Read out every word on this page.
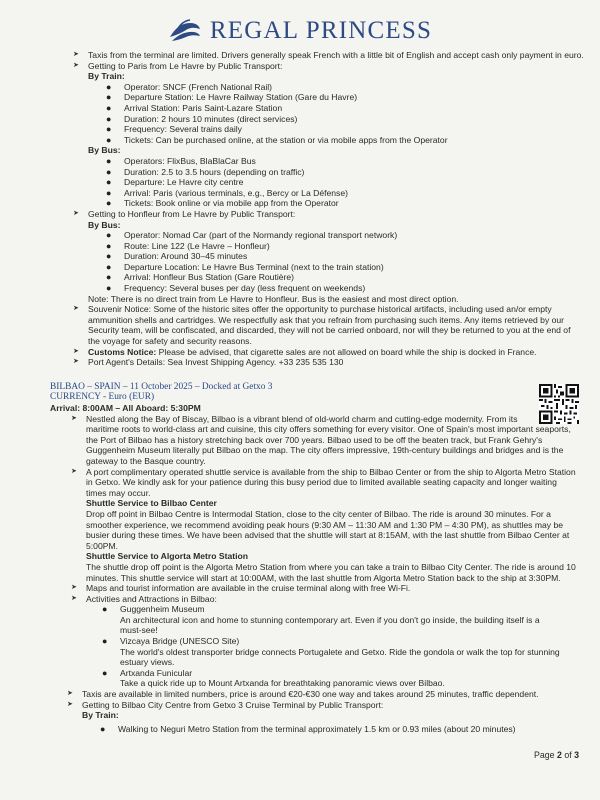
REGAL PRINCESS
➤ Taxis from the terminal are limited. Drivers generally speak French with a little bit of English and accept cash only payment in euro.
➤ Getting to Paris from Le Havre by Public Transport:
By Train:
● Operator: SNCF (French National Rail)
● Departure Station: Le Havre Railway Station (Gare du Havre)
● Arrival Station: Paris Saint-Lazare Station
● Duration: 2 hours 10 minutes (direct services)
● Frequency: Several trains daily
● Tickets: Can be purchased online, at the station or via mobile apps from the Operator
By Bus:
● Operators: FlixBus, BlaBlaCar Bus
● Duration: 2.5 to 3.5 hours (depending on traffic)
● Departure: Le Havre city centre
● Arrival: Paris (various terminals, e.g., Bercy or La Défense)
● Tickets: Book online or via mobile app from the Operator
➤ Getting to Honfleur from Le Havre by Public Transport:
By Bus:
● Operator: Nomad Car (part of the Normandy regional transport network)
● Route: Line 122 (Le Havre – Honfleur)
● Duration: Around 30–45 minutes
● Departure Location: Le Havre Bus Terminal (next to the train station)
● Arrival: Honfleur Bus Station (Gare Routière)
● Frequency: Several buses per day (less frequent on weekends)
Note: There is no direct train from Le Havre to Honfleur. Bus is the easiest and most direct option.
➤ Souvenir Notice: Some of the historic sites offer the opportunity to purchase historical artifacts, including used an/or empty
ammunition shells and cartridges. We respectfully ask that you refrain from purchasing such items. Any items retrieved by our
Security team, will be confiscated, and discarded, they will not be carried onboard, nor will they be returned to you at the end of
the voyage for safety and security reasons.
➤ Customs Notice: Please be advised, that cigarette sales are not allowed on board while the ship is docked in France.
➤ Port Agent's Details: Sea Invest Shipping Agency. +33 235 535 130
BILBAO – SPAIN – 11 October 2025 – Docked at Getxo 3
CURRENCY - Euro (EUR)
Arrival: 8:00AM – All Aboard: 5:30PM
➤ Nestled along the Bay of Biscay, Bilbao is a vibrant blend of old-world charm and cutting-edge modernity. From its
maritime roots to world-class art and cuisine, this city offers something for every visitor. One of Spain's most important seaports,
the Port of Bilbao has a history stretching back over 700 years. Bilbao used to be off the beaten track, but Frank Gehry's
Guggenheim Museum literally put Bilbao on the map. The city offers impressive, 19th-century buildings and bridges and is the
gateway to the Basque country.
➤ A port complimentary operated shuttle service is available from the ship to Bilbao Center or from the ship to Algorta Metro Station
in Getxo. We kindly ask for your patience during this busy period due to limited available seating capacity and longer waiting
times may occur.
Shuttle Service to Bilbao Center
Drop off point in Bilbao Centre is Intermodal Station, close to the city center of Bilbao. The ride is around 30 minutes. For a
smoother experience, we recommend avoiding peak hours (9:30 AM – 11:30 AM and 1:30 PM – 4:30 PM), as shuttles may be
busier during these times. We have been advised that the shuttle will start at 8:15AM, with the last shuttle from Bilbao Center at
5:00PM.
Shuttle Service to Algorta Metro Station
The shuttle drop off point is the Algorta Metro Station from where you can take a train to Bilbao City Center. The ride is around 10
minutes. This shuttle service will start at 10:00AM, with the last shuttle from Algorta Metro Station back to the ship at 3:30PM.
➤ Maps and tourist information are available in the cruise terminal along with free Wi-Fi.
➤ Activities and Attractions in Bilbao:
● Guggenheim Museum
An architectural icon and home to stunning contemporary art. Even if you don't go inside, the building itself is a
must-see!
● Vizcaya Bridge (UNESCO Site)
The world's oldest transporter bridge connects Portugalete and Getxo. Ride the gondola or walk the top for stunning
estuary views.
● Artxanda Funicular
Take a quick ride up to Mount Artxanda for breathtaking panoramic views over Bilbao.
➤ Taxis are available in limited numbers, price is around €20-€30 one way and takes around 25 minutes, traffic dependent.
➤ Getting to Bilbao City Centre from Getxo 3 Cruise Terminal by Public Transport:
By Train:
● Walking to Neguri Metro Station from the terminal approximately 1.5 km or 0.93 miles (about 20 minutes)
Page 2 of 3
